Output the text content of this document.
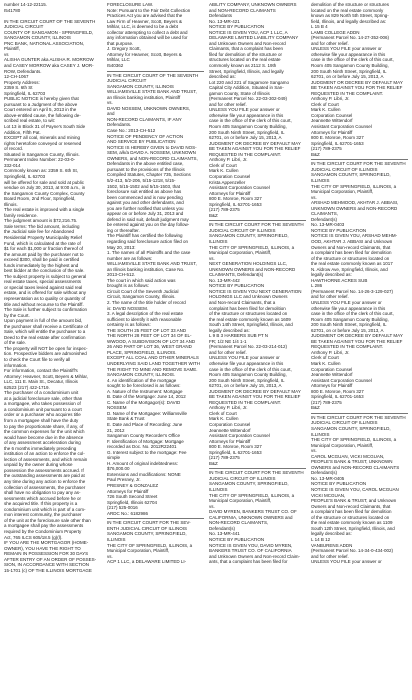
number 14-12-22115.
I541780
IN THE CIRCUIT COURT OF THE SEVENTH
JUDICIAL CIRCUIT
COUNTY OF SANGAMON - SPRINGFIELD,
SANGAMON COUNTY, ILLINOIS
PNC BANK, NATIONAL ASSOCIATION,
Plaintiff,
vs
ALISHA GUNTER aka ALISHA R. MORROW
and CASEY MORROW aka CASEY J. MOR-
ROW, Defendants.
12-CH-1067
Property Address:
2359 S. 6th St
Springfield, IL 62703
PUBLIC NOTICE is hereby given that
pursuant to a Judgment of the above
Court entered on April 5, 2013 in the
above-entitled cause, the following de-
scribed real estate, to wit:
Lot 13 in Block 31 of Payne's South Side
Addition, Fifth Pat.
EXCEPT all coal, minerals and mining
rights heretofore conveyed or reserved
of record.
Situated in Sangamon County, Illinois.
Permanent Index Number: 22-03-0-
332-014
Commonly known as: 2359 S. 6th St,
Springfield, IL 62703
will be offered for sale and sold at public
vendue on July 30, 2013, at 9:00 a.m., in
the Sangamon County Complex, County
Board Room, 2nd Floor, Springfield,
Illinois.
The real estate is improved with a single
family residence.
The judgment amount is $72,216.75.
Sale terms: The bid amount, including
the Judicial sale fee for Abandoned
Residential Property Municipality Relief
Fund, which is calculated at the rate of
$1 for each $1,000 or fraction thereof of
the amount paid by the purchaser not to
exceed $300, shall be paid in certified
funds immediately by the highest and
best bidder at the conclusion of the sale.
The subject property is subject to general
real estate taxes, special assessments
or special taxes levied against said real
estate, and is offered for sale without any
representation as to quality or quantity of
title and without recourse to the Plaintiff.
The Sale is further subject to confirmation
by the Court.
Upon payment in full of the amount bid,
the purchaser shall receive a Certificate of
Sale, which will entitle the purchaser to a
Deed to the real estate after confirmation
of the sale.
The property will NOT be open for inspec-
tion. Prospective bidders are admonished
to check the Court file to verify all
information.
For information, contact the Plaintiff's
Attorney: Heavner, Scott, Beyers & Mihlar,
LLC, 111 E. Main St., Decatur, Illinois
62523 (217) 422-1719.
The purchaser of a condominium unit
at a judicial foreclosure sale, other than
a mortgagee, who takes possession of
a condominium unit pursuant to a court
order or a purchaser who acquires title
from a mortgagee shall have the duty
to pay the proportionate share, if any, of
the common expenses for the unit which
would have become due in the absence
of any assessment acceleration during
the 6 months immediately preceding
institution of an action to enforce the col-
lection of assessments, and which remain
unpaid by the owner during whose
possession the assessments accrued. If
the outstanding assessments are paid at
any time during any action to enforce the
collection of assessments, the purchaser
shall have no obligation to pay any as-
sessments which accrued before he or
she acquired title. If this property is a
condominium unit which is part of a com-
mon interest community, the purchaser
of the unit at the foreclosure sale other than
a mortgagee shall pay the assessments
required by the Condominium Property
Act, 765 ILCS 605/18.5 (g)(l).
IF YOU ARE THE MORTGAGOR (HOME-
OWNER), YOU HAVE THE RIGHT TO
REMAIN IN POSSESSION FOR 30 DAYS
AFTER ENTRY OF AN ORDER OF POSSES-
SION, IN ACCORDANCE WITH SECTION
15-1701 (c) OF THE ILLINOIS MORTGAGE
FORECLOSURE LAW.
Note: Pursuant to the Fair Debt Collection
Practices Act you are advised that the
Law Firm of Heavner, Scott, Beyers &
Mihlar, LLC, is deemed to be a debt
collector attempting to collect a debt and
any information obtained will be used for
that purpose.
J. Gregory Scott,
Attorney for Heavner, Scott, Beyers &
Mihlar, LLC
I540362
IN THE CIRCUIT COURT OF THE SEVENTH
JUDICIAL CIRCUIT
SANGAMON COUNTY, ILLINOIS
WILLIAMSVILLE STATE BANK AND TRUST,
an Illinois banking institution, Plaintiff
vs.
DAVID NOSSEM, UNKNOWN OWNERS,
and
NON-RECORD CLAIMANTS, IF ANY
Defendants.
Case No.: 2013-CH-512
NOTICE OF PENDENCY OF ACTION
AND SERVICE BY PUBLICATION
NOTICE IS HEREBY GIVEN to DAVID NOS-
SEM, a/k/a DAVID A. NOSSEM, UNKNOWN
OWNERS, and NON-RECORD CLAIMANTS,
Defendants in the above entitled case,
pursuant to the provisions of the Illinois
Compiled Statutes, Chapter 735, Sections
5/2-413, 5/2-206, 5/15-1218, 5/15-
1502, 5/15-1502 and 5/15-1503, that
foreclosure suit entitled as above has
been commenced and is now pending
against you and other defendants, and
you are further notified that unless you
appear on or before July 31, 2013 and
defend in said suit, default judgment may
be entered against you on the day follow-
ing or thereafter.
The Plaintiff has certified the following
regarding said foreclosure action filed on
May 20, 2013:
1. The names of all Plaintiffs and the case
number are as follows:
WILLIAMSVILLE STATE BANK AND TRUST,
an Illinois banking institution, Case No.
2013-CH-512.
The court in which said action was
brought is as follows:
Circuit Court of the Seventh Judicial
Circuit, Sangamon County, Illinois.
2. The name of the title holder of record
is: DAVID NOSSEM.
3. A legal description of the real estate
sufficient to identify it with reasonable
certainty is as follows:
THE SOUTH 25 FEET OF LOT 33 AND
THE NORTH 28 FEET OF LOT 34 OF EL-
WWOOD, A SUBDIVISION OF LOT 34 AND
26 AND PART OF LOT 36, WEST GRAND
PLACE, SPRINGFIELD, ILLINOIS.
EXCEPT ALL COAL AND OTHER MINERALS
UNDERLYING SAID LAND TOGETHER WITH
THE RIGHT TO MINE AND REMOVE SAME.
SANGAMON COUNTY, ILLINOIS.
4. An identification of the mortgage
sought to be foreclosed is as follows:
A. Nature of the Instrument: Mortgage
B. Date of the Mortgage: June 14, 2012
C. Name of the Mortgagor(s): DAVID
NOSSEM
D. Name of the Mortgagee: Williamsville
State Bank & Trust
E. Date and Place of Recording: June
21, 2012
Sangamon County Recorder's Office
F. Identification of Mortgage: Mortgage
recorded as Doc. No. 2012R22401
G. Interest subject to the mortgage: Fee
simple
H. Amount of original indebtedness:
$76,000.00
Extensions and modifications: NONE
Paul Presney, Jr.
PRESNEY & GONZALEZ
Attorneys for Plaintiff
726 South Second Street
Springfield, Illinois 62704
(217) 525-0016
ARDC No.: 6182986
IN THE CIRCUIT COURT FOR THE SEV-
ENTH JUDICIAL CIRCUIT OF ILLINOIS
SANGAMON COUNTY, SPRINGFIELD,
ILLINOIS
THE CITY OF SPRINGFIELD, ILLINOIS, a
Municipal Corporation, Plaintiff,
vs.
ACP 1 LLC, a DELAWARE LIMITED LI-
ABILITY COMPANY, UNKNOWN OWNERS
and NON-RECORD CLAIMANTS
Defendants
No. 13-MR-421
NOTICE BY PUBLICATION
NOTICE IS GIVEN YOU, ACP 1 LLC, A
DELAWARE LIMITED LIABILITY COMPANY
and Unknown Owners and Non-record
Claimants, that a complaint has been
filed for demolition of the structure or
structures located on the real estate
commonly known as 2112 S. 19th
Street, Springfield, Illinois, and legally
described as:
Lot 220 and 221 of Sagamore Sangamo
Capital City Addition, Situated in San-
gamon County, State of Illinois
(Permanent Parcel No. 22-03-302-049)
and for other relief.
UNLESS YOU FILE your answer or
otherwise file your appearance in this
case in the office of the clerk of this court,
Room 405 Sangamon County Building,
200 South Ninth Street, Springfield, IL
62701, on or before July 15, 2013, A
JUDGMENT OR DECREE BY DEFAULT MAY
BE TAKEN AGAINST YOU FOR THE RELIEF
REQUESTED IN THE COMPLAINT.
Anthony P. Libri, Jr.
Clerk of Court
Mark K. Cullen
Corporation Counsel
Krista Appenzeller
Assistant Corporation Counsel
Attorneys for Plaintiff
800 E. Monroe, Room 327
Springfield, IL 62701-1653
(217) 789-2375
B&Z
IN THE CIRCUIT COURT FOR THE SEVENTH
JUDICIAL CIRCUIT OF ILLINOIS
SANGAMON COUNTY, SPRINGFIELD,
ILLINOIS
THE CITY OF SPRINGFIELD, ILLINOIS, a
Municipal Corporation, Plaintiff,
vs.
NEXT GENERATION HOLDINGS LLC,
UNKNOWN OWNERS and NON-RECORD
CLAIMANTS, Defendant(s)
No. 13-MR-442
NOTICE BY PUBLICATION
NOTICE IS GIVEN YOU NEXT GENERATION
HOLDINGS LLC and Unknown Owners
and Non-record Claimants, that a
complaint has been filed for demolition
of the structure or structures located on
the real estate commonly known as 1609
South 14th Street, Springfield, Illinois, and
legally described as:
L 9 B 3 HARBERS SUB PT N
FR; 1/2 NE 1/4 1-1
(Permanent Parcel No. 22-03-214-012)
and for other relief.
UNLESS YOU FILE your answer or
otherwise file your appearance in this
case in the office of the clerk of this court,
Room 405 Sangamon County Building,
200 South Ninth Street, Springfield, IL
62701, on or before July 15, 2013, A
JUDGMENT OR DECREE BY DEFAULT MAY
BE TAKEN AGAINST YOU FOR THE RELIEF
REQUESTED IN THE COMPLAINT.
Anthony P. Libri, Jr.
Clerk of Court
Mark K. Cullen
Corporation Counsel
Jeannette Wittendorf
Assistant Corporation Counsel
Attorneys for Plaintiff
800 E. Monroe, Room 327
Springfield, IL 62701-1653
(217) 789-2375
B&Z
IN THE CIRCUIT COURT FOR THE SEVENTH
JUDICIAL CIRCUIT OF ILLINOIS
SANGAMON COUNTY, SPRINGFIELD,
ILLINOIS
THE CITY OF SPRINGFIELD, ILLINOIS, a
Municipal Corporation, Plaintiff,
vs.
DAVID MYREN, BANKERS TRUST CO. OF
CALIFORNIA, UNKNOWN OWNERS and
NON-RECORD CLAIMANTS,
Defendant(s)
No. 13-MR-441
NOTICE BY PUBLICATION
NOTICE IS GIVEN YOU, DAVID MYREN,
BANKERS TRUST CO. OF CALIFORNIA
and Unknown Owners and Non-record Claim-
ants, that a complaint has been filed for
demolition of the structure or structures
located on the real estate commonly
known as 829 North 5th Street, Spring-
field, Illinois, and legally described as:
L 15 B 4
LAMB COLLEGE ADDN
(Permanent Parcel No. 14-27-352-006)
and for other relief.
UNLESS YOU FILE your answer or
otherwise file your appearance in this
case in the office of the clerk of this court,
Room 405 Sangamon County Building,
200 South Ninth Street, Springfield, IL
62701, on or before July 15, 2013, A
JUDGMENT OR DECREE BY DEFAULT MAY
BE TAKEN AGAINST YOU FOR THE RELIEF
REQUESTED IN THE COMPLAINT.
Anthony P. Libri, Jr.
Clerk of Court
Mark K. Cullen
Corporation Counsel
Jeannette Wittendorf
Assistant Corporation Counsel
Attorneys for Plaintiff
800 E. Monroe, Room 327
Springfield, IL 62701-1653
(217) 789-2375
B&Z
IN THE CIRCUIT COURT FOR THE SEVENTH
JUDICIAL CIRCUIT OF ILLINOIS
SANGAMON COUNTY, SPRINGFIELD,
ILLINOIS
THE CITY OF SPRINGFIELD, ILLINOIS, a
Municipal Corporation, Plaintiff,
vs.
ARSHAD MEHMOOD, AKHTAR J. ABBASI,
UNKNOWN OWNERS and NON-RECORD
CLAIMANTS,
Defendant(s)
No. 13-MR-0403
NOTICE BY PUBLICATION
NOTICE IS GIVEN YOU, ARSHAD MEHM-
OOD, AKHTAR J. ABBASI and Unknown
Owners and Non-record Claimants, that
a complaint has been filed for demolition
of the structure or structures located on
the real estate commonly known as 1017
N. Aldrow Ave, Springfield, Illinois, and
legally described as:
HAWTHORNE ACRES SUB
L 286
(Permanent Parcel No. 14-26-3-129-027)
and for other relief.
UNLESS YOU FILE your answer or
otherwise file your appearance in this
case in the office of the clerk of this court,
Room 405 Sangamon County Building,
200 South Ninth Street, Springfield, IL
62701, on or before July 15, 2013, A
JUDGMENT OR DECREE BY DEFAULT MAY
BE TAKEN AGAINST YOU FOR THE RELIEF
REQUESTED IN THE COMPLAINT.
Anthony P. Libri, Jr.
Clerk of Court
Mark K. Cullen
Corporation Counsel
Jeannette Wittendorf
Assistant Corporation Counsel
Attorneys for Plaintiff
800 E. Monroe, Room 327
Springfield, IL 62701-1653
(217) 789-2375
B&Z
IN THE CIRCUIT COURT FOR THE SEVENTH
JUDICIAL CIRCUIT OF ILLINOIS
SANGAMON COUNTY, SPRINGFIELD,
ILLINOIS
THE CITY OF SPRINGFIELD, ILLINOIS, a
Municipal Corporation, Plaintiff,
vs.
CAROL MCGUAN, VICKI MCGUAN,
PEOPLE'S BANK & TRUST, UNKNOWN
OWNERS and NON-RECORD CLAIMANTS
Defendant(s)
No. 13-MR-0405
NOTICE BY PUBLICATION
NOTICE IS GIVEN YOU, CAROL MCGUAN
VICKI MCGUAN,
PEOPLE'S BANK & TRUST, and Unknown
Owners and Non-record Claimants, that
a complaint has been filed for demolition
of the structure or structures located on
the real estate commonly known as 1109
South 12th Street, Springfield, Illinois, and
legally described as:
L 14 B 12
VANBURENS ADDN
(Permanent Parcel No. 14-34-0-434-002)
and for other relief.
UNLESS YOU FILE your answer or
